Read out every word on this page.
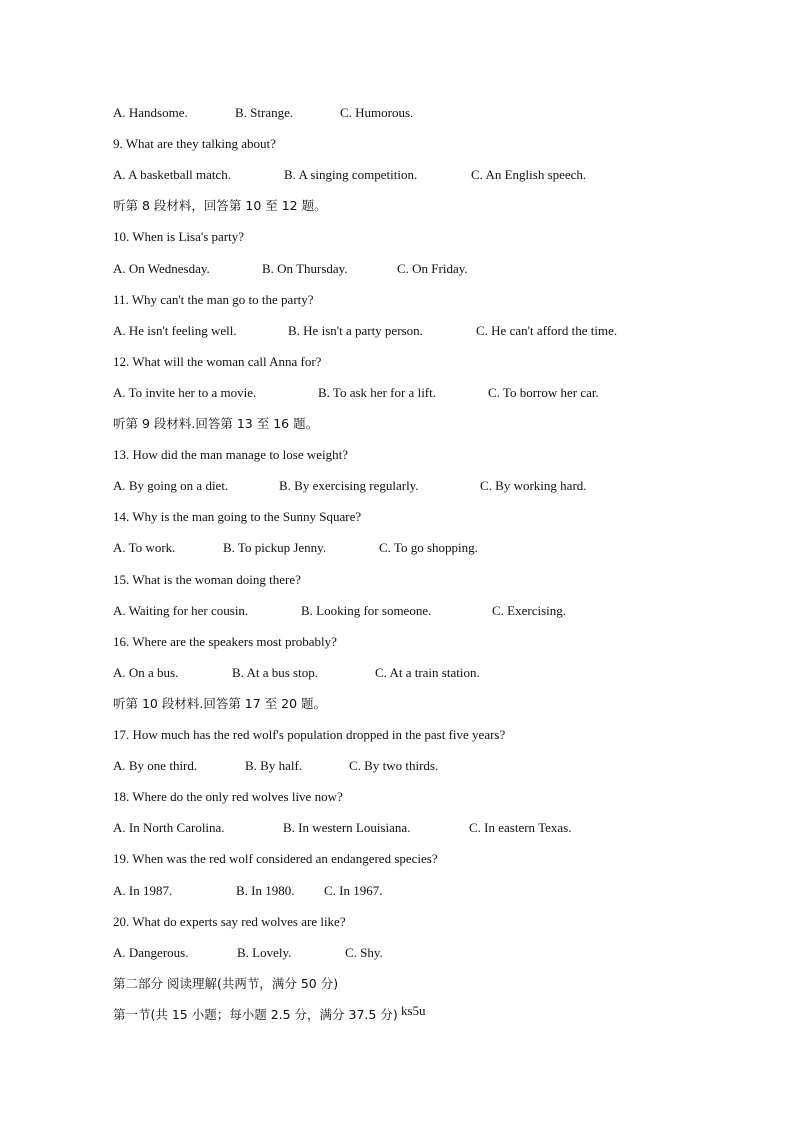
A. Handsome.	B. Strange.	C. Humorous.
9. What are they talking about?
A. A basketball match.	B. A singing competition.	C. An English speech.
听第 8 段材料，回答第 10 至 12 题。
10. When is Lisa's party?
A. On Wednesday.	B. On Thursday.	C. On Friday.
11. Why can't the man go to the party?
A. He isn't feeling well.	B. He isn't a party person.	C. He can't afford the time.
12. What will the woman call Anna for?
A. To invite her to a movie.	B. To ask her for a lift.	C. To borrow her car.
听第 9 段材料.回答第 13 至 16 题。
13. How did the man manage to lose weight?
A. By going on a diet.	B. By exercising regularly.	C. By working hard.
14. Why is the man going to the Sunny Square?
A. To work.	B. To pickup Jenny.	C. To go shopping.
15. What is the woman doing there?
A. Waiting for her cousin.	B. Looking for someone.	C. Exercising.
16. Where are the speakers most probably?
A. On a bus.	B. At a bus stop.	C. At a train station.
听第 10 段材料.回答第 17 至 20 题。
17. How much has the red wolf's population dropped in the past five years?
A. By one third.	B. By half.	C. By two thirds.
18. Where do the only red wolves live now?
A. In North Carolina.	B. In western Louisiana.	C. In eastern Texas.
19. When was the red wolf considered an endangered species?
A. In 1987.	B. In 1980. C. In 1967.
20. What do experts say red wolves are like?
A. Dangerous.	B. Lovely.	C. Shy.
第二部分 阅读理解(共两节，满分 50 分)
第一节(共 15 小题；每小题 2.5 分，满分 37.5 分) ks5u
